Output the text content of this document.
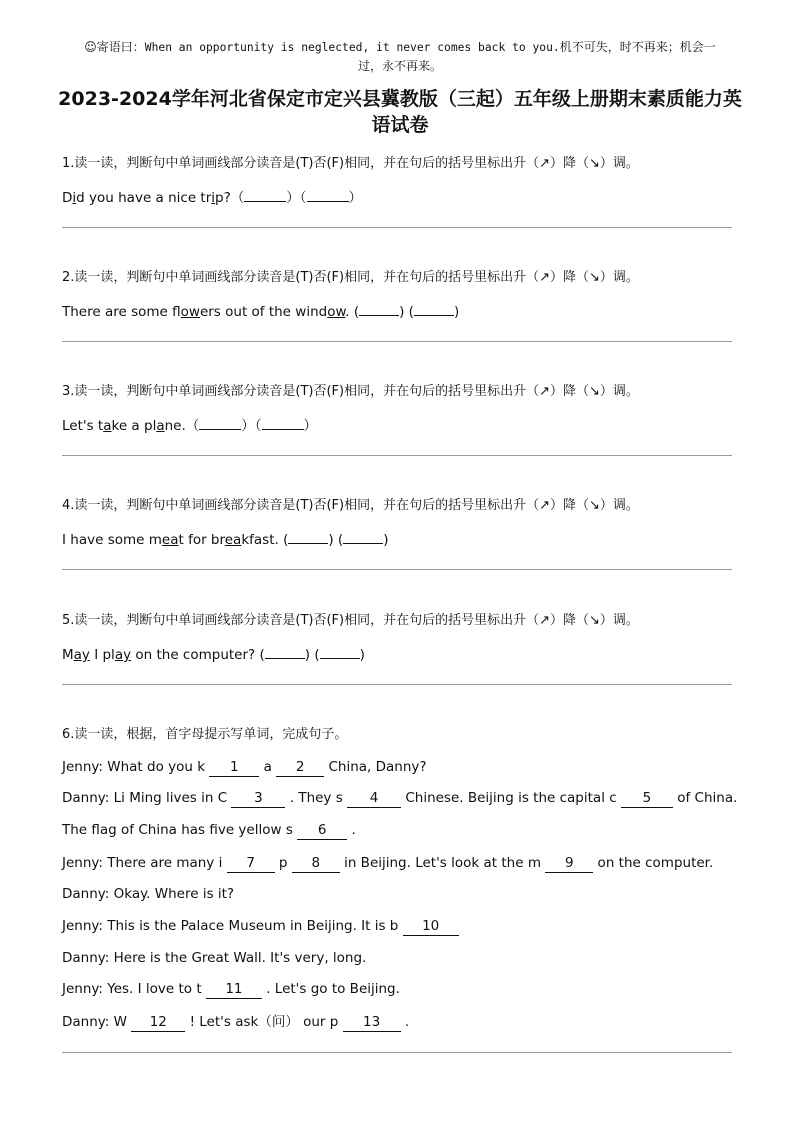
☺寄语曰：When an opportunity is neglected, it never comes back to you.机不可失，时不再来；机会一
过，永不再来。
2023-2024学年河北省保定市定兴县冀教版（三起）五年级上册期末素质能力英
语试卷
1.读一读，判断句中单词画线部分读音是(T)否(F)相同，并在句后的括号里标出升（↗）降（↘）调。
Did you have a nice trip?（	）（	）
2.读一读，判断句中单词画线部分读音是(T)否(F)相同，并在句后的括号里标出升（↗）降（↘）调。
There are some flowers out of the window. (	) (	)
3.读一读，判断句中单词画线部分读音是(T)否(F)相同，并在句后的括号里标出升（↗）降（↘）调。
Let's take a plane.（	）（	）
4.读一读，判断句中单词画线部分读音是(T)否(F)相同，并在句后的括号里标出升（↗）降（↘）调。
I have some meat for breakfast. (	) (	)
5.读一读，判断句中单词画线部分读音是(T)否(F)相同，并在句后的括号里标出升（↗）降（↘）调。
May I play on the computer? (	) (	)
6.读一读，根据，首字母提示写单词，完成句子。
Jenny: What do you k 1 a 2 China, Danny?
Danny: Li Ming lives in C 3 . They s 4 Chinese. Beijing is the capital c 5 of China.
The flag of China has five yellow s 6 .
Jenny: There are many i 7 p 8 in Beijing. Let's look at the m 9 on the computer.
Danny: Okay. Where is it?
Jenny: This is the Palace Museum in Beijing. It is b 10
Danny: Here is the Great Wall. It's very, long.
Jenny: Yes. I love to t 11 . Let's go to Beijing.
Danny: W 12 ! Let's ask（问） our p 13 .
